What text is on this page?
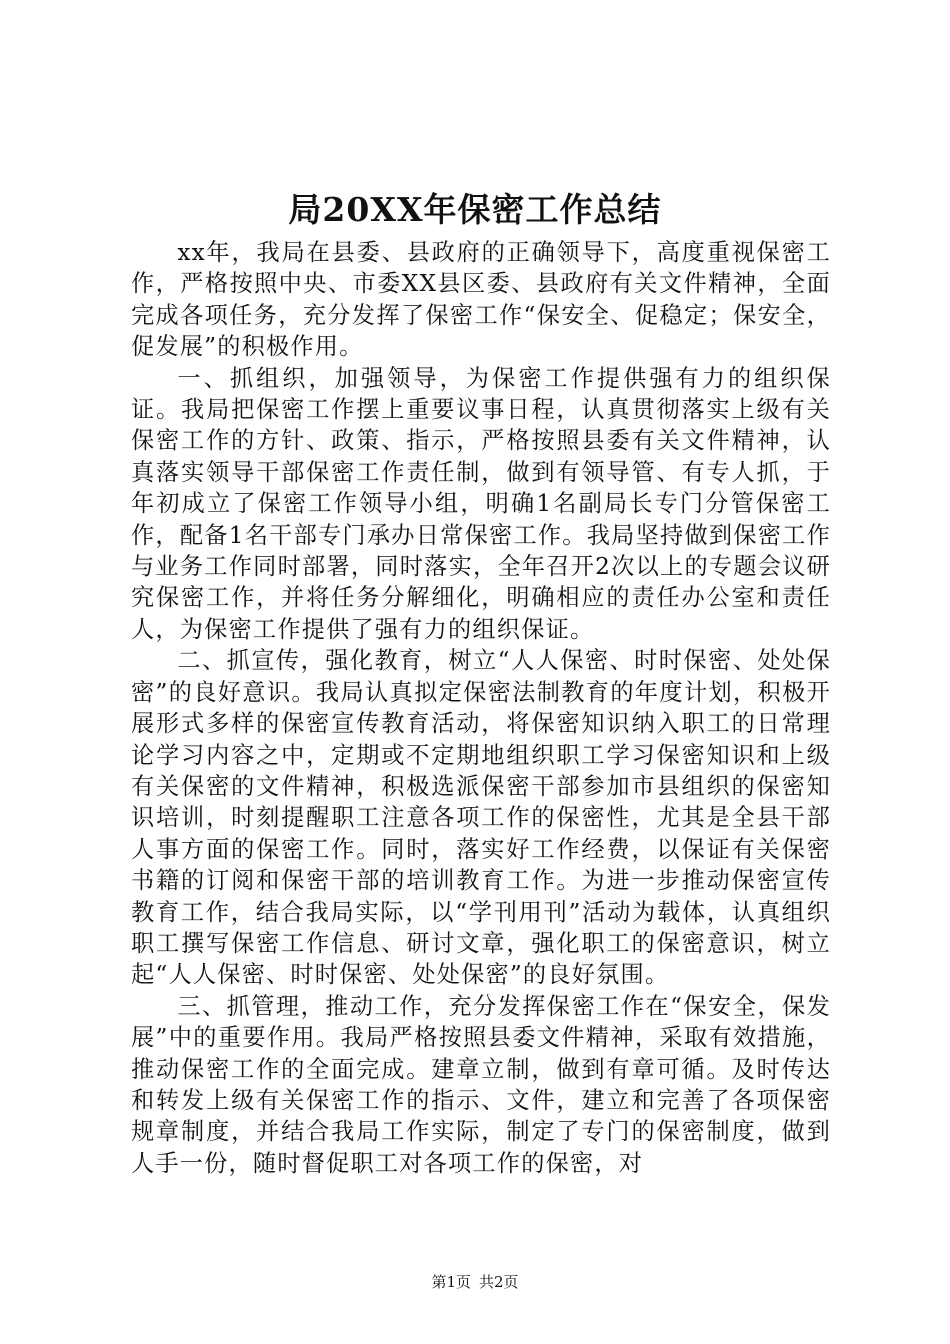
局20XX年保密工作总结

xx年，我局在县委、县政府的正确领导下，高度重视保密工作，严格按照中央、市委XX县区委、县政府有关文件精神，全面完成各项任务，充分发挥了保密工作“保安全、促稳定；保安全，促发展”的积极作用。

一、抓组织，加强领导，为保密工作提供强有力的组织保证。我局把保密工作摆上重要议事日程，认真贯彻落实上级有关保密工作的方针、政策、指示，严格按照县委有关文件精神，认真落实领导干部保密工作责任制，做到有领导管、有专人抓，于年初成立了保密工作领导小组，明确1名副局长专门分管保密工作，配备1名干部专门承办日常保密工作。我局坚持做到保密工作与业务工作同时部署，同时落实，全年召开2次以上的专题会议研究保密工作，并将任务分解细化，明确相应的责任办公室和责任人，为保密工作提供了强有力的组织保证。

二、抓宣传，强化教育，树立“人人保密、时时保密、处处保密”的良好意识。我局认真拟定保密法制教育的年度计划，积极开展形式多样的保密宣传教育活动，将保密知识纳入职工的日常理论学习内容之中，定期或不定期地组织职工学习保密知识和上级有关保密的文件精神，积极选派保密干部参加市县组织的保密知识培训，时刻提醒职工注意各项工作的保密性，尤其是全县干部人事方面的保密工作。同时，落实好工作经费，以保证有关保密书籍的订阅和保密干部的培训教育工作。为进一步推动保密宣传教育工作，结合我局实际，以“学刊用刊”活动为载体，认真组织职工撰写保密工作信息、研讨文章，强化职工的保密意识，树立起“人人保密、时时保密、处处保密”的良好氛围。

三、抓管理，推动工作，充分发挥保密工作在“保安全，保发展”中的重要作用。我局严格按照县委文件精神，采取有效措施，推动保密工作的全面完成。建章立制，做到有章可循。及时传达和转发上级有关保密工作的指示、文件，建立和完善了各项保密规章制度，并结合我局工作实际，制定了专门的保密制度，做到人手一份，随时督促职工对各项工作的保密，对

第1页 共2页
